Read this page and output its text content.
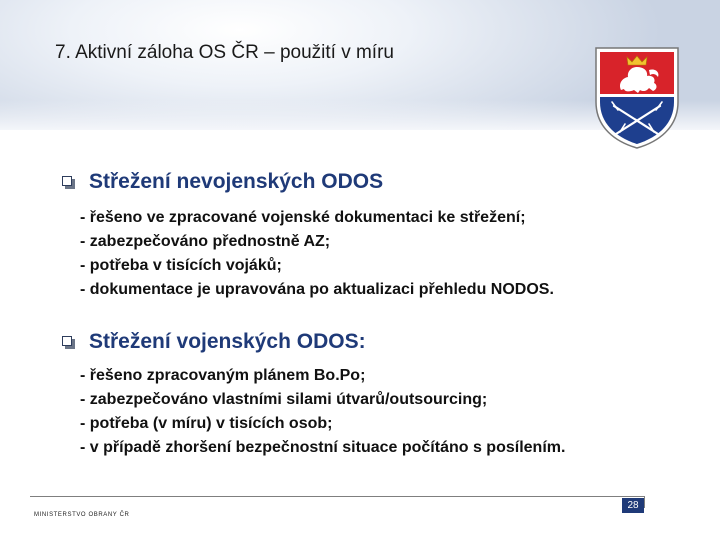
7. Aktivní záloha OS ČR – použití v míru
Střežení nevojenských ODOS
- řešeno ve zpracované vojenské dokumentaci ke střežení;
- zabezpečováno přednostně AZ;
- potřeba v tisících vojáků;
- dokumentace je upravována po aktualizaci přehledu NODOS.
Střežení vojenských ODOS:
- řešeno zpracovaným plánem Bo.Po;
- zabezpečováno vlastními silami útvarů/outsourcing;
- potřeba (v míru) v tisících osob;
- v případě zhoršení bezpečnostní situace počítáno s posílením.
28
MINISTERSTVO OBRANY ČR
